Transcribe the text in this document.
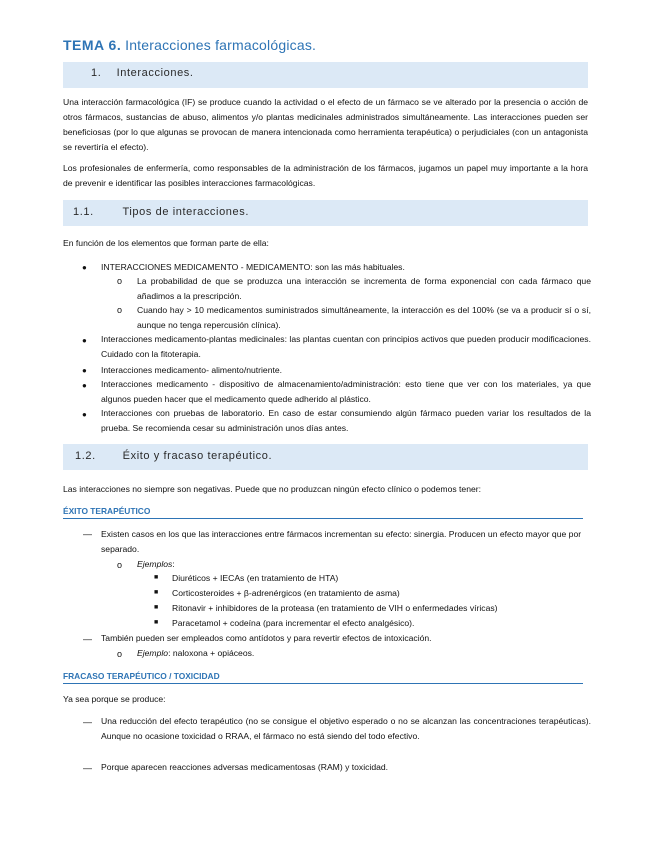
TEMA 6. Interacciones farmacológicas.
1. Interacciones.
Una interacción farmacológica (IF) se produce cuando la actividad o el efecto de un fármaco se ve alterado por la presencia o acción de otros fármacos, sustancias de abuso, alimentos y/o plantas medicinales administrados simultáneamente. Las interacciones pueden ser beneficiosas (por lo que algunas se provocan de manera intencionada como herramienta terapéutica) o perjudiciales (con un antagonista se revertiría el efecto).
Los profesionales de enfermería, como responsables de la administración de los fármacos, jugamos un papel muy importante a la hora de prevenir e identificar las posibles interacciones farmacológicas.
1.1.	Tipos de interacciones.
En función de los elementos que forman parte de ella:
● INTERACCIONES MEDICAMENTO - MEDICAMENTO: son las más habituales.
o La probabilidad de que se produzca una interacción se incrementa de forma exponencial con cada fármaco que añadimos a la prescripción.
o Cuando hay > 10 medicamentos suministrados simultáneamente, la interacción es del 100% (se va a producir sí o sí, aunque no tenga repercusión clínica).
● Interacciones medicamento-plantas medicinales: las plantas cuentan con principios activos que pueden producir modificaciones. Cuidado con la fitoterapia.
● Interacciones medicamento- alimento/nutriente.
● Interacciones medicamento - dispositivo de almacenamiento/administración: esto tiene que ver con los materiales, ya que algunos pueden hacer que el medicamento quede adherido al plástico.
● Interacciones con pruebas de laboratorio. En caso de estar consumiendo algún fármaco pueden variar los resultados de la prueba. Se recomienda cesar su administración unos días antes.
1.2. Éxito y fracaso terapéutico.
Las interacciones no siempre son negativas. Puede que no produzcan ningún efecto clínico o podemos tener:
ÉXITO TERAPÉUTICO
— Existen casos en los que las interacciones entre fármacos incrementan su efecto: sinergia. Producen un efecto mayor que por separado.
o Ejemplos:
■ Diuréticos + IECAs (en tratamiento de HTA)
■ Corticosteroides + β-adrenérgicos (en tratamiento de asma)
■ Ritonavir + inhibidores de la proteasa (en tratamiento de VIH o enfermedades víricas)
■ Paracetamol + codeína (para incrementar el efecto analgésico).
— También pueden ser empleados como antídotos y para revertir efectos de intoxicación.
o Ejemplo: naloxona + opiáceos.
FRACASO TERAPÉUTICO / TOXICIDAD
Ya sea porque se produce:
— Una reducción del efecto terapéutico (no se consigue el objetivo esperado o no se alcanzan las concentraciones terapéuticas). Aunque no ocasione toxicidad o RRAA, el fármaco no está siendo del todo efectivo.
— Porque aparecen reacciones adversas medicamentosas (RAM) y toxicidad.
